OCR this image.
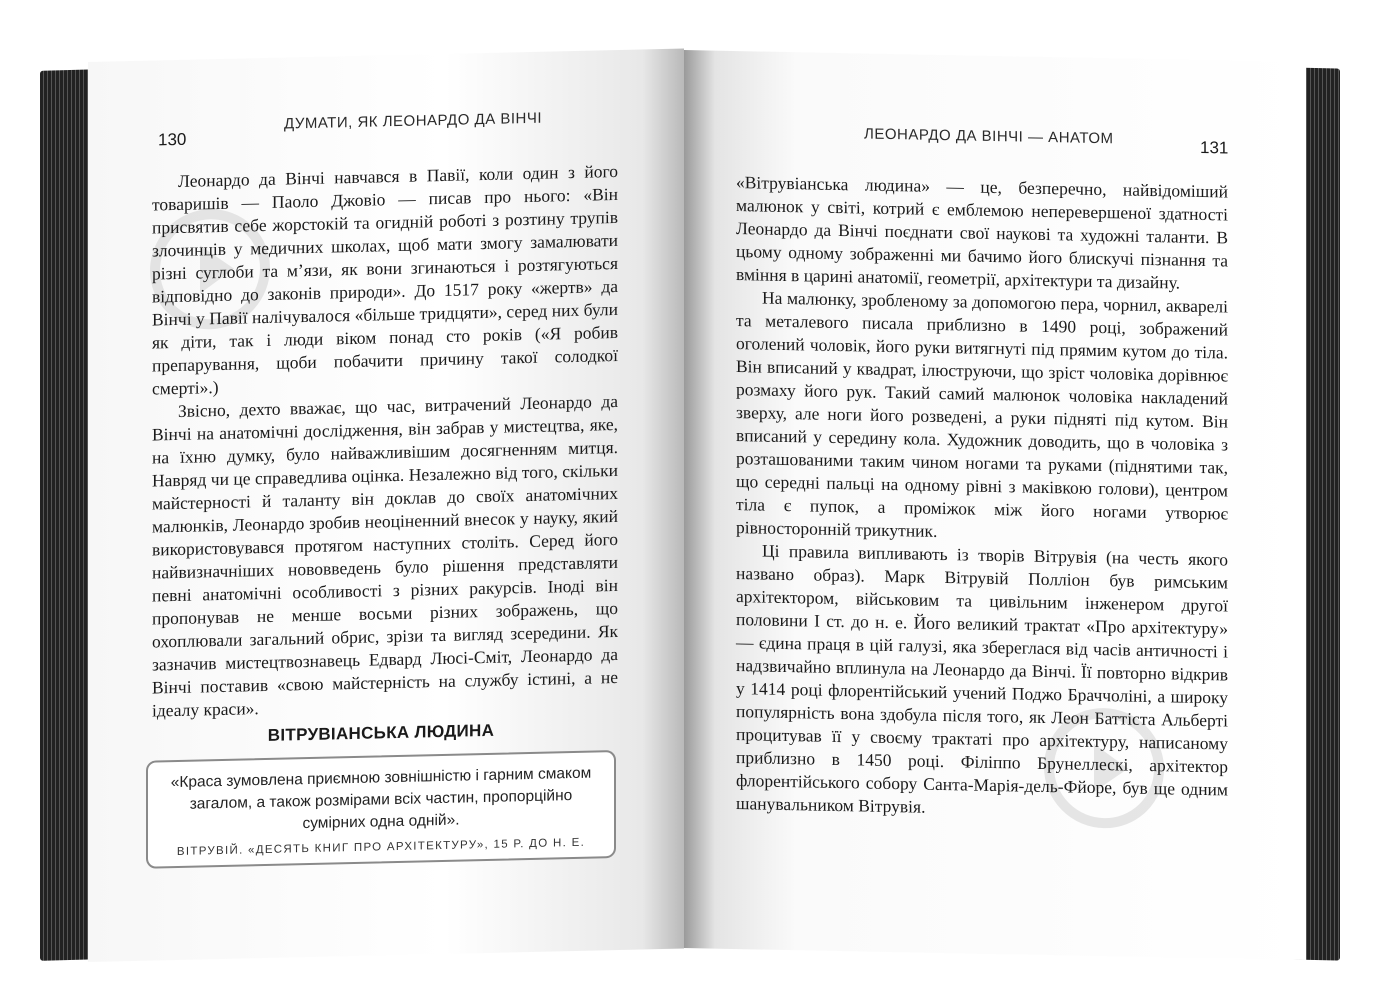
130
ДУМАТИ, ЯК ЛЕОНАРДО ДА ВІНЧІ

Леонардо да Вінчі навчався в Павії, коли один з його товаришів — Паоло Джовіо — писав про нього: «Він присвятив себе жорстокій та огидній роботі з розтину трупів злочинців у медичних школах, щоб мати змогу замалювати різні суглоби та м’язи, як вони згинаються і розтягуються відповідно до законів природи». До 1517 року «жертв» да Вінчі у Павії налічувалося «більше тридцяти», серед них були як діти, так і люди віком понад сто років («Я робив препарування, щоби побачити причину такої солодкої смерті».)

Звісно, дехто вважає, що час, витрачений Леонардо да Вінчі на анатомічні дослідження, він забрав у мистецтва, яке, на їхню думку, було найважливішим досягненням митця. Навряд чи це справедлива оцінка. Незалежно від того, скільки майстерності й таланту він доклав до своїх анатомічних малюнків, Леонардо зробив неоціненний внесок у науку, який використовувався протягом наступних століть. Серед його найвизначніших нововведень було рішення представляти певні анатомічні особливості з різних ракурсів. Іноді він пропонував не менше восьми різних зображень, що охоплювали загальний обрис, зрізи та вигляд зсередини. Як зазначив мистецтвознавець Едвард Люсі-Сміт, Леонардо да Вінчі поставив «свою майстерність на службу істині, а не ідеалу краси».

ВІТРУВІАНСЬКА ЛЮДИНА
«Краса зумовлена приємною зовнішністю і гарним смаком загалом, а також розмірами всіх частин, пропорційно сумірних одна одній».
ВІТРУВІЙ. «ДЕСЯТЬ КНИГ ПРО АРХІТЕКТУРУ», 15 Р. ДО Н. Е.
ЛЕОНАРДО ДА ВІНЧІ — АНАТОМ
131

«Вітрувіанська людина» — це, безперечно, найвідоміший малюнок у світі, котрий є емблемою неперевершеної здатності Леонардо да Вінчі поєднати свої наукові та художні таланти. В цьому одному зображенні ми бачимо його блискучі пізнання та вміння в царині анатомії, геометрії, архітектури та дизайну.

На малюнку, зробленому за допомогою пера, чорнил, акварелі та металевого писала приблизно в 1490 році, зображений оголений чоловік, його руки витягнуті під прямим кутом до тіла. Він вписаний у квадрат, ілюструючи, що зріст чоловіка дорівнює розмаху його рук. Такий самий малюнок чоловіка накладений зверху, але ноги його розведені, а руки підняті під кутом. Він вписаний у середину кола. Художник доводить, що в чоловіка з розташованими таким чином ногами та руками (піднятими так, що середні пальці на одному рівні з маківкою голови), центром тіла є пупок, а проміжок між його ногами утворює рівносторонній трикутник.

Ці правила випливають із творів Вітрувія (на честь якого названо образ). Марк Вітрувій Полліон був римським архітектором, військовим та цивільним інженером другої половини I ст. до н. е. Його великий трактат «Про архітектуру» — єдина праця в цій галузі, яка збереглася від часів античності і надзвичайно вплинула на Леонардо да Вінчі. Її повторно відкрив у 1414 році флорентійський учений Поджо Браччоліні, а широку популярність вона здобула після того, як Леон Баттіста Альберті процитував її у своєму трактаті про архітектуру, написаному приблизно в 1450 році. Філіппо Брунеллескі, архітектор флорентійського собору Санта-Марія-дель-Фйоре, був ще одним шанувальником Вітрувія.
